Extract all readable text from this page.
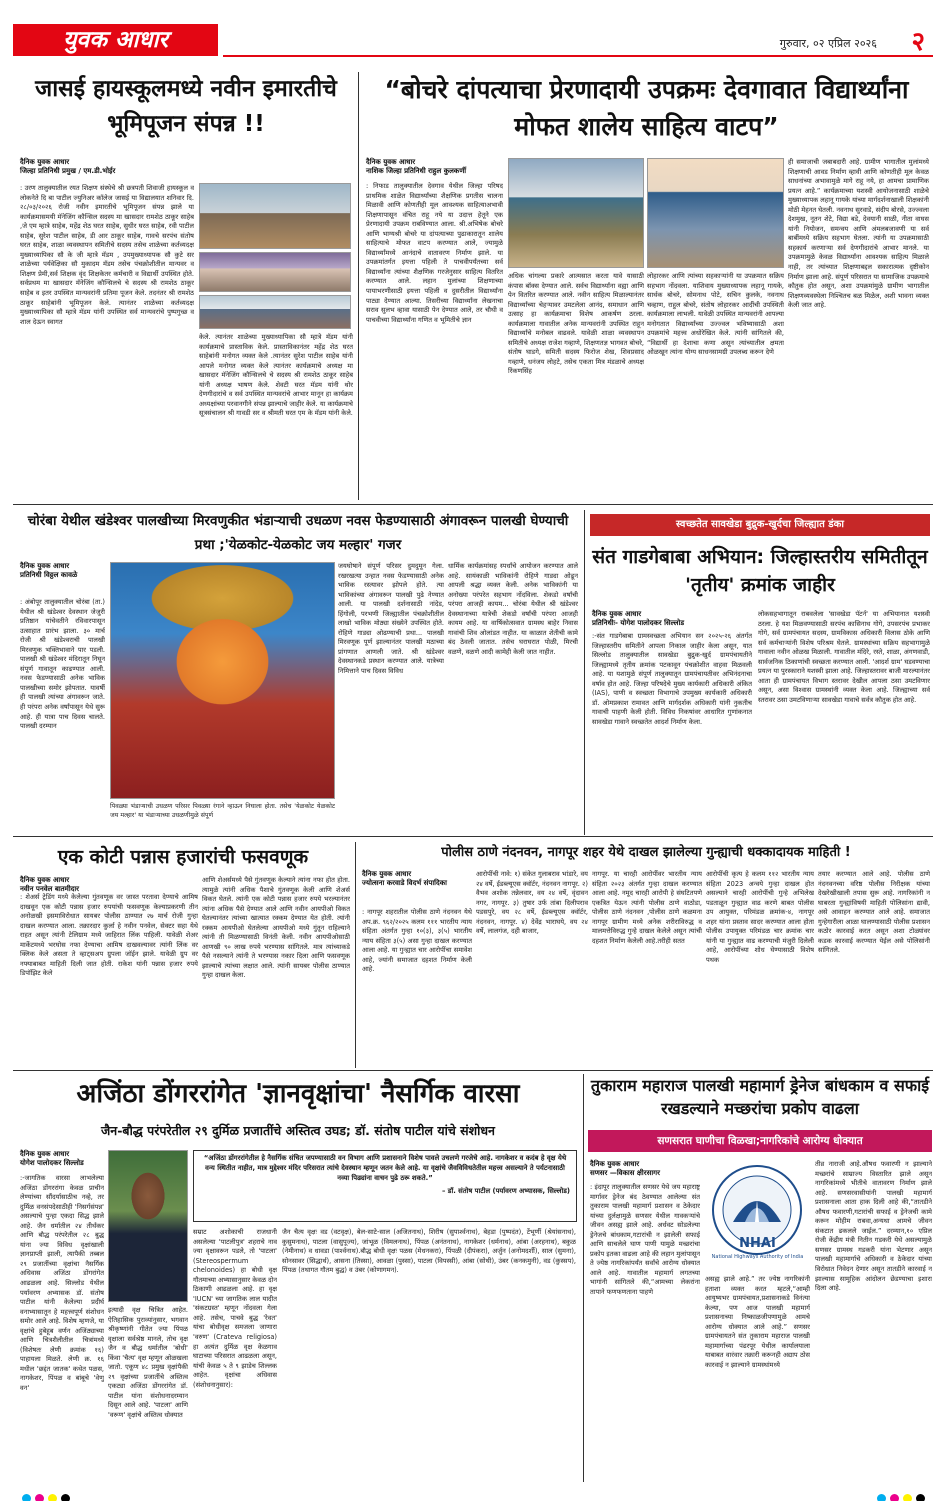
युवक आधार	गुरुवार, ०२ एप्रिल २०२६ २
जासई हायस्कूलमध्ये नवीन इमारतीचे भूमिपूजन संपन्न !!
दैनिक युवक आधार
जिल्हा प्रतिनिधी प्रमुख / एम.डी.भोईर
: उरण तालुक्यातील रयत शिक्षण संस्थेचे श्री छत्रपती शिवाजी हायस्कूल व लोकनेते दि बा पाटील ज्युनिअर कॉलेज जासई या विद्यालयात शनिवार दि. २८/०३/२०२६ रोजी नवीन इमारतीचे भूमिपूजन संपन्न झाले या कार्यक्रमासमयी मॅनेजिंग कौन्सिल सदस्य मा खासदार रामशेठ ठाकूर साहेब ,जे एम म्हात्रे साहेब, महेंद्र शेठ घरत साहेब, सुधीर घरत साहेब, रवी पाटील साहेब, सुरेश पाटील साहेब, डी आर ठाकूर साहेब, गावचे सरपंच संतोष घरत साहेब, शाळा व्यवस्थापन समितीचे सदस्य तसेच शाळेच्या कर्तव्यदक्ष मुख्याध्यापिका सौ के जी म्हात्रे मॅडम , उपमुख्याध्यापक सौ कुटे सर शाळेच्या पर्यवेक्षिका सौ मुकादम मॅडम तसेच पंचक्रोशीतील मान्यवर व शिक्षण प्रेमी,सर्व शिक्षक वृंद शिक्षकेतर कर्मचारी व विद्यार्थी उपस्थित होते. सर्वप्रथम मा खासदार मॅनेजिंग कौन्सिलचे चे सदस्य श्री रामशेठ ठाकूर साहेब व इतर उपस्थित मान्यवरांनी प्रतिमा पूजन केले. तदनंतर श्री रामशेठ ठाकूर साहेबांनी भूमिपूजन केले. त्यानंतर शाळेच्या कर्तव्यदक्ष मुख्याध्यापिका सौ म्हात्रे मॅडम यांनी उपस्थित सर्व मान्यवरांचे पुष्पगुच्छ व शाल देऊन स्वागत
केले. त्यानंतर शाळेच्या मुख्याध्यापिका सौ म्हात्रे मॅडम यांनी कार्यक्रमाचे प्रास्ताविक केले. प्रास्ताविकानंतर महेंद्र शेठ घरत साहेबांनी मनोगत व्यक्त केले .त्यानंतर सुरेश पाटील साहेब यांनी आपले मनोगत व्यक्त केले त्यानंतर कार्यक्रमाचे अध्यक्ष मा खासदार मॅनेजिंग कौन्सिलचे चे सदस्य श्री रामशेठ ठाकूर साहेब यांनी अध्यक्ष भाषण केले. शेवटी घरत मॅडम यांनी थोर देणगीदारांचे व सर्व उपस्थित मान्यवरांचे आभार मानून हा कार्यक्रम अध्यक्षांच्या परवानगीने संपन्न झाल्याचे जाहीर केले. या कार्यक्रमाचे सूत्रसंचालन श्री गावडी सर व श्रीमती घरत एम के मॅडम यांनी केले.
“बोचरे दांपत्याचा प्रेरणादायी उपक्रमः देवगावात विद्यार्थ्यांना मोफत शालेय साहित्य वाटप”
दैनिक युवक आधार
नाशिक जिल्हा प्रतिनिधी राहुल कुलकर्णी
: निफाड तालुक्यातील देवगाव येथील जिल्हा परिषद प्राथमिक शाळेत विद्यार्थ्यांच्या शैक्षणिक प्रगतीस चालना मिळावी आणि कोणतीही मूल आवश्यक साहित्याअभावी शिक्षणापासून वंचित राहू नये या उदात्त हेतूने एक प्रेरणादायी उपक्रम राबविण्यात आला. श्री.अभिषेक बोचरे आणि भाग्यश्री बोचरे या दांपत्याच्या पुढाकारातून शालेय साहित्याचे मोफत वाटप करण्यात आले, ज्यामुळे विद्यार्थ्यांमध्ये आनंदाचे वातावरण निर्माण झाले. या उपक्रमांतर्गत इयत्ता पहिली ते पाचवीपर्यंतच्या सर्व विद्यार्थ्यांना त्यांच्या शैक्षणिक गरजेनुसार साहित्य वितरित करण्यात आले. लहान मुलांच्या शिक्षणाच्या पायाभरणीसाठी इयत्ता पहिली व दुसरीतील विद्यार्थ्यांना पाट्या देण्यात आल्या. तिसरीच्या विद्यार्थ्यांना लेखनाचा सराव सुलभ व्हावा यासाठी पेन देण्यात आले, तर चौथी व पाचवीच्या विद्यार्थ्यांना गणित व भूमितीचे ज्ञान
अधिक चांगल्या प्रकारे आत्मसात करता यावे यासाठी कंपास बॉक्स देण्यात आले. सर्वच विद्यार्थ्यांना वह्या आणि पेन वितरित करण्यात आले. नवीन साहित्य मिळाल्यानंतर विद्यार्थ्यांच्या चेहऱ्यावर उमटलेला आनंद, समाधान आणि उत्साह हा कार्यक्रमाचा विशेष आकर्षण ठरला. कार्यक्रमाला गावातील अनेक मान्यवरांनी उपस्थित राहून विद्यार्थ्यांचे मनोबल वाढवले. यावेळी शाळा व्यवस्थापन समितीचे अध्यक्ष राजेश गव्हाणे, शिक्षणतज्ञ भागवत बोचरे, संतोष घाडगे, समिती सदस्य फिरोज शेख, शिवप्रसाद गव्हाणे, धनंजय लोहटे, तसेच एकता मित्र मंडळाचे अध्यक्ष रिंकणसिंह
लोहारकर आणि त्यांच्या सहकाऱ्यांनी या उपक्रमात सक्रिय सहभाग नोंदवला. याशिवाय मुख्याध्यापक लहानू गायके, सार्थक बोचरे, सोमनाथ पोटे, सचिन कुलके, नवनाथ चव्हाण, राहुल बोचरे, संतोष लोहारकर आदींची उपस्थिती कार्यक्रमाला लाभली. यावेळी उपस्थित मान्यवरांनी आपल्या मनोगतात विद्यार्थ्यांच्या उज्ज्वल भविष्यासाठी अशा उपक्रमांचे महत्त्व अधोरेखित केले. त्यांनी सांगितले की, “विद्यार्थी हा देशाचा कणा असून त्यांच्यातील क्षमता ओळखून त्यांना योग्य साधनसामग्री उपलब्ध करून देणे
ही समाजाची जबाबदारी आहे. ग्रामीण भागातील मुलांमध्ये शिक्षणाची आवड निर्माण व्हावी आणि कोणतीही मूल केवळ साधनांच्या अभावामुळे मागे राहू नये, हा आमचा प्रामाणिक प्रयत्न आहे.” कार्यक्रमाच्या यशस्वी आयोजनासाठी शाळेचे मुख्याध्यापक लहानू गायके यांच्या मार्गदर्शनाखाली शिक्षकांनी मोठी मेहनत घेतली. नवनाथ सुरवाडे, संदीप बोरसे, उज्ज्वला देशमुख, नूतन शेटे, विद्या बडे, देवयानी साळी, नीता वाघस यांनी नियोजन, समन्वय आणि अंमलबजावणी या सर्व बाबींमध्ये सक्रिय सहभाग घेतला. त्यांनी या उपक्रमासाठी सहकार्य करणाऱ्या सर्व देणगीदारांचे आभार मानले. या उपक्रमामुळे केवळ विद्यार्थ्यांना आवश्यक साहित्य मिळाले नाही, तर त्यांच्यात शिक्षणाबद्दल सकारात्मक दृष्टीकोन निर्माण झाला आहे. संपूर्ण परिसरात या सामाजिक उपक्रमाचे कौतुक होत असून, अशा उपक्रमांमुळे ग्रामीण भागातील शिक्षणव्यवस्थेला निश्चितच बळ मिळेल, अशी भावना व्यक्त केली जात आहे.
चोरंबा येथील खंडेश्वर पालखीच्या मिरवणुकीत भंडाऱ्याची उधळण नवस फेडण्यासाठी अंगावरून पालखी घेण्याची प्रथा ;'येळकोट-येळकोट जय मल्हार' गजर
दैनिक युवक आधार
प्रतिनिधी विठ्ठल कावळे
: अंबोपूर तालुक्यातील चोरंबा (ता.) येथील श्री खंडेश्वर देवस्थान जेजुरी प्रतिष्ठान यांचेवतीने रविवारपासून उत्साहात प्रारंभ झाला. ३० मार्च रोजी श्री खंडेश्वराची पालखी मिरवणुक भक्तिभावाने पार पडली. पालखी श्री खंडेश्वर मंदिरातून निघून संपूर्ण गावातून काढण्यात आली. नवस फेडण्यासाठी अनेक भाविक पालखीच्या समोर झोपतात. यावर्षी ही पालखी त्यांच्या अंगावरून जाते. ही परंपरा अनेक वर्षांपासून येथे सुरू आहे. ही यात्रा पाच दिवस चालते. पालखी दरम्यान
पिवळ्या भंडाऱ्याची उधळण परिसर पिवळ्या रंगाने न्हाऊन निघाला होता. तसेच 'येळकोट येळकोट जय मल्हार' या भंडाऱ्याच्या उधळणीमुळे संपूर्ण
जयघोषाने संपूर्ण परिसर दुमदुमून गेला. रखरखत्या उन्हात नवस फेडण्यासाठी अनेक भाविक रस्त्यावर झोपले होते. त्या भाविकांच्या अंगावरून पालखी पुढे नेण्यात आली. या पालखी दर्शनासाठी नांदेड, हिंगोली, परभणी जिल्ह्यातील पंचक्रोशीतील लाखो भाविक मोठ्या संख्येने उपस्थित होते. रोहिणे गाड्या ओढण्याची प्रथा... पालखी मिरवणूक पूर्ण झाल्यानंतर पालखी मठाच्या प्रांगणात आणली जाते. श्री खंडेश्वर देवस्थानकडे प्रस्थान करण्यात आले. यात्रेच्या निमित्ताने पाच दिवस विविध
धार्मिक कार्यक्रमांसह स्पर्धांचे आयोजन करण्यात आले आहे. सायंकाळी भाविकांनी रोहिणे गाड्या ओढून आपली श्रद्धा व्यक्त केली. अनेक भाविकांनी या अनोख्या परंपरेत सहभाग नोंदविला. शेकडो वर्षांची परंपरा आजही कायम... चोरंबा येथील श्री खंडेश्वर देवस्थानाच्या यात्रेची शेकडो वर्षांची परंपरा आजही कायम आहे. या वार्षिकोत्सवात ग्रामस्थ बाहेर निवास गावांची शिव ओलांडत नाहीत. या काळात शेतीची कामे बंद ठेवली जातात. तसेच घराघरात पोळी, मिरची वळणे, वळणे आदी कामेही केली जात नाहीत.
स्वच्छतेत सावखेडा बुद्रुक-खुर्दचा जिल्ह्यात डंका
संत गाडगेबाबा अभियान: जिल्हास्तरीय समितीतून 'तृतीय' क्रमांक जाहीर
दैनिक युवक आधार
प्रतिनिधीः- योगेश पालोदकर सिल्लोड
:-संत गाडगेबाबा ग्रामस्वच्छता अभियान सन २०२५-२६ अंतर्गत जिल्हास्तरीय समितीने आपला निकाल जाहीर केला असून, यात सिल्लोड तालुक्यातील सावखेडा बुद्रुक-खुर्द ग्रामपंचायतीने जिल्ह्यामध्ये तृतीय क्रमांक पटकावून पंचक्रोशीत वाहवा मिळवली आहे. या यशामुळे संपूर्ण तालुक्यातून ग्रामपंचायतीवर अभिनंदनाचा वर्षाव होत आहे. जिल्हा परिषदेचे मुख्य कार्यकारी अधिकारी अंकित (IAS), पाणी व स्वच्छता विभागाचे उपमुख्य कार्यकारी अधिकारी डॉ. ओमप्रकाश रामावत आणि मार्गदर्शक अधिकारी यांनी नुकतीच गावाची पाहणी केली होती. विविध निकषांवर आधारित गुणांकनात सावखेडा गावाने स्वच्छतेत आदर्श निर्माण केला.
लोकसहभागातून राबवलेला 'सावखेडा पॅटर्न' या अभियानात यशस्वी ठरला. हे यश मिळवण्यासाठी सरपंच कासिनाथ गोगे, उपसरपंच प्रभाकर गोगे, सर्व ग्रामपंचायत सदस्य, ग्रामविकास अधिकारी विलास ठोके आणि सर्व कर्मचाऱ्यांनी विशेष परिश्रम घेतले. ग्रामस्थांच्या सक्रिय सहभागामुळे गावाला नवीन ओळख मिळाली. गावातील मंदिरे, रस्ते, शाळा, अंगणवाडी, सार्वजनिक ठिकाणांची स्वच्छता करण्यात आली. 'आदर्श ग्राम' घडवण्याचा प्रयत्न या पुरस्काराने यशस्वी झाला आहे. जिल्हास्तरावर बाजी मारल्यानंतर आता ही ग्रामपंचायत विभाग स्तरावर देखील आपला ठसा उमटविणार असून, असा विश्वास ग्रामस्थांनी व्यक्त केला आहे. जिल्ह्याच्या सर्व स्तरावर ठसा उमटविणाऱ्या सावखेडा गावाचे सर्वत्र कौतुक होत आहे.
एक कोटी पन्नास हजारांची फसवणूक
दैनिक युवक आधार
नवीन पनवेल बातमीदार
: शेअर्स ट्रेडिंग मध्ये केलेल्या गुंतवणूक वर जास्त परतावा देण्याचे आमिष दाखवून एक कोटी पन्नास हजार रुपयांची फसवणूक केल्याप्रकरणी तीन अनोळखी इसमाविरोधात सायबर पोलीस ठाण्यात २७ मार्च रोजी गुन्हा दाखल करण्यात आला. तक्रारदार कुर्ला हे नवीन पनवेल, सेक्टर सहा येथे राहत असून त्यांनी टेलिग्राम मध्ये जाहिरात लिंक पाहिली. यावेळी शेअर मार्केटमध्ये भरघोस नफा देण्याचा आमिष दाखवल्यावर त्यांनी लिंक वर क्लिक केले असता ते व्हाट्सअप ग्रुपला जॉईन झाले. यावेळी ग्रुप वर नफ्याबाबत माहिती दिली जात होती. राकेश यांनी पन्नास हजार रुपये डिपॉझिट केले
आणि शेअर्समध्ये पैसे गुंतवणूक केल्याने त्यांना नफा होत होता. त्यामुळे त्यांनी अधिक पैशाचे गुंतवणूक केली आणि शेअर्स विकत घेतले. त्यांनी एक कोटी पन्नास हजार रुपये भरल्यानंतर त्यांना अधिक पैसे देण्यात आले आणि नवीन आयपीओ विकत घेतल्यानंतर त्यांच्या खात्यात रक्कम देण्यात येत होती. त्यांनी रक्कम आयपीओ घेतलेल्या आयपीओ मध्ये गुंतून राहिल्याने त्यांनी ती मिळण्यासाठी विनंती केली. नवीन आयपीओसाठी आणखी ९० लाख रुपये भरण्यास सांगितले. मात्र त्यांच्याकडे पैसे नसल्याने त्यांनी ते भरण्यास नकार दिला आणि फसवणूक झाल्याचे त्यांच्या लक्षात आले. त्यांनी सायबर पोलीस ठाण्यात गुन्हा दाखल केला.
पोलीस ठाणे नंदनवन, नागपूर शहर येथे दाखल झालेल्या गुन्ह्याची धक्कादायक माहिती !
दैनिक युवक आधार
ज्योत्सना करवाडे विदर्भ संपादिका
: नागपूर शहरातील पोलीस ठाणे नंदनवन येथे अप.क्र. ९६२/२०२५ कलम १११ भारतीय न्याय संहिता अंतर्गत गुन्हा १०(३), ३(५) भारतीय न्याय संहिता ३(५) असा गुन्हा दाखल करण्यात आला आहे. या गुन्ह्यात चार आरोपींचा समावेश आहे, ज्यांनी समाजात दहशत निर्माण केली आहे.
आरोपींची नावे: १) संकेत गुलाबराव भांडारे, वय २४ वर्षे, ईडब्ल्यूएस क्वॉर्टर, नंदनवन नागपूर. २) वैभव अशोक तन्नेलवार, वय २४ वर्षे, वृंदावन नगर, नागपूर. ३) तुषार उर्फ तांबा दिलीपराव पडसपुरे, वय २८ वर्षे, ईडब्ल्यूएस क्वॉर्टर, नंदनवन, नागपूर. ४) देवेंद्र भाराघये, वय २४ वर्षे, लालगंज, दही बाजार,
नागपूर. या चारही आरोपींवर भारतीय न्याय संहिता २०२३ अंतर्गत गुन्हा दाखल करण्यात आला आहे. नमूद चारही आरोपी हे संघटितपणे एकत्रित येऊन त्यांनी पोलीस ठाणे वाठोडा, पोलीस ठाणे नंदनवन ,पोलीस ठाणे कळमना नागपूर ग्रामीण मध्ये अनेक शरीराविरुद्ध व मालमत्तेविरुद्ध गुन्हे दाखल केलेले असून त्यांची दहशत निर्माण केलेली आहे.तरीही सतत
आरोपींची कृत्य हे कलम ११२ भारतीय न्याय संहिता 2023 अन्वये गुन्हा दाखल होत असल्याने चारही आरोपींची गुन्हे अभिलेख पडताळून गुन्ह्यात वाढ करणे बाबत पोलीस उप आयुक्त, परिमंडळ क्रमांक-४, नागपूर शहर यांना प्रस्ताव सादर करण्यात आला होता पोलीस उपायुक्त परिमंडळ चार क्रमांक चार यांनी या गुन्ह्यात वाढ करण्याची मंजुरी दिलेली आहे, आरोपींच्या शोध घेण्यासाठी विशेष पथक
तयार करण्यात आले आहे. पोलीस ठाणे नंदनवनच्या वरिष्ठ पोलीस निरीक्षक यांच्या देखरेखीखाली तपास सुरू आहे. नागरिकांनी न घाबरता गुन्ह्यांविषयी माहिती पोलिसांना द्यावी, असे आवाहन करण्यात आले आहे. समाजात गुन्हेगारीला आळा घालण्यासाठी पोलीस प्रशासन कठोर कारवाई करत असून अशा टोळ्यांवर कडक कारवाई करण्यात येईल असे पोलिसांनी सांगितले.
अजिंठा डोंगररांगेत 'ज्ञानवृक्षांचा' नैसर्गिक वारसा
जैन-बौद्ध परंपरेतील २९ दुर्मिळ प्रजातींचे अस्तित्व उघड; डॉ. संतोष पाटील यांचे संशोधन
दैनिक युवक आधार
योगेश पालोदकर सिल्लोड
:-जागतिक वारसा लाभलेल्या अजिंठा डोंगररांगा केवळ प्राचीन लेण्यांच्या सौंदर्यासाठीच नव्हे, तर दुर्मिळ वनसंपदेसाठीही 'निसर्गसंपन्न' असल्याचे पुन्हा एकदा सिद्ध झाले आहे. जैन धर्मातील २४ तीर्थंकर आणि बौद्ध परंपरेतील २८ बुद्ध यांना ज्या विविध वृक्षांखाली ज्ञानप्राप्ती झाली, त्यापैकी तब्बल २९ प्रजातींच्या वृक्षांचा नैसर्गिक अधिवास अजिंठा डोंगरांगेत आढळला आहे. सिल्लोड येथील पर्यावरण अभ्यासक डॉ. संतोष पाटील यांनी केलेल्या प्रदीर्घ वनाभ्यासातून हे महत्त्वपूर्ण संशोधन समोर आले आहे. विशेष म्हणजे, या वृक्षांचे हुबेहूब वर्णन अजिंठ्याच्या आणि चित्रशैलीतील चित्रांमध्ये (विशेषतः लेणी क्रमांक १६) पाहायला मिळते. लेणी क्र. १६ मधील 'छद्दंत जातक' कथेत पळस, नागकेशर, पिंपळ व बांबूचे 'वेणु वन'
इत्यादी वृक्ष चित्रित आहेत. ऐतिहासिक पुराव्यांनुसार, भगवान श्रीकृष्णांनी गीतेत ज्या पिंपळ वृक्षाला सर्वश्रेष्ठ मानले, तोच वृक्ष जैन व बौद्ध धर्मातील 'बोधी' किंवा 'चैत्य' वृक्ष म्हणून ओळखला जातो. एकूण ४८ प्रमुख वृक्षांपैकी २९ वृक्षांच्या प्रजातींचे अस्तित्व एकट्या अजिंठा डोंगररांगेत डॉ. पाटील यांना संशोधनादरम्यान दिसून आले आहे. 'पाटला' आणि 'वरूण' वृक्षांचे अस्तित्व धोक्यात
“अजिंठा डोंगररांगेतील हे नैसर्गिक संचित जपण्यासाठी वन विभाग आणि प्रशासनाने विशेष पावले उचलणे गरजेचे आहे. नागकेशर व कदंब हे वृक्ष येथे वन्य स्थितीत नाहीत, मात्र मुद्देश्वर मंदिर परिसरात त्यांचे देवस्थान म्हणून जतन केले आहे. या वृक्षांचे जैवविविधतेतील महत्त्व असल्याने ते पर्यटनासाठी नव्या पिढ्यांना वाचन पुढे ठरू शकते.”
– डॉ. संतोष पाटील (पर्यावरण अभ्यासक, सिल्लोड)
सम्राट अशोकाची राजधानी असलेल्या 'पाटलीपुत्र' शहराचे नाव ज्या वृक्षावरून पडले, तो 'पाटला' (Stereospermum chelonoides) हा बोधी वृक्ष गौतमाच्या अभ्यासानुसार केवळ दोन ठिकाणी आढळला आहे. हा वृक्ष 'IUCN' च्या जागतिक लाल यादीत 'संकटग्रस्त' म्हणून नोंदवला गेला आहे. तसेच, पाचवे बुद्ध 'रेवत' यांचा बोधीवृक्ष समजला जाणारा 'वरुण' (Crateva religiosa) हा अत्यंत दुर्मिळ वृक्ष केळगाव घाटाच्या परिसरात आढळला असून, यांची केवळ ५ ते ९ झाडेच शिल्लक आहेत. वृक्षांचा अधिवास (संशोधनानुसार):
जैन चैत्य वृक्षः वड (वटवृक्ष), बेल-साटे-साल (अजितनाथ), शिरीष (सुपार्श्वनाथ), बेहडा (पुष्पदंत), टेंभूर्णी (श्रेयांसनाथ), कुसुमनाथ), पाटला (वासुपूज्य), जांभूळ (विमलनाथ), पिंपळ (अनंतनाथ), नागकेशर (धर्मनाथ), आंबा (अरहनाथ), बकुळ (नेमीनाथ) व धावडा (पार्श्वनाथ).बौद्ध बोधी वृक्षः पळस (मेधनकरा), पिंपळी (दीपंकरा), अर्जुन (अनोमदर्शी), साल (सुमना), सोनसावर (सिद्धार्थ), आसना (तिस्सा), आवळा (पुस्सा), पाटला (विपस्सी), आंबा (सोथी), उंबर (कनकमुनी), वड (कुस्सप), पिंपळ (तथागत गौतम बुद्ध) व उंबर (कोणागमन).
तुकाराम महाराज पालखी महामार्ग ड्रेनेज बांधकाम व सफाई रखडल्याने मच्छरांचा प्रकोप वाढला
सणसरात घाणीचा विळखा;नागरिकांचे आरोग्य धोक्यात
दैनिक युवक आधार
सणसर —विकास क्षीरसागर
: इंदापूर तालुक्यातील सणसर येथे जय महाराष्ट्र मार्गावर ड्रेनेज बंद ठेवण्यात आलेल्या संत तुकाराम पालखी महामार्ग प्रशासन व ठेकेदार यांच्या दुर्लक्षामुळे सणसर येथील गावकऱ्यांचे जीवन असह्य झाले आहे. अर्धवट सोडलेल्या ड्रेनेजचे बांधकाम,गटारांची न झालेली सफाई आणि साचलेले घाण पाणी यामुळे मच्छरांचा प्रकोप इतका वाढला आहे की लहान मुलांपासून ते ज्येष्ठ नागरिकांपर्यंत सर्वांचे आरोग्य धोक्यात आले आहे. गावातील महामार्ग लगतच्या भागांनी सांगितले की,“आमच्या लेकरांना तापाने फणफणताना पाहणे
NHAI
National Highways Authority of India
असह्य झाले आहे.” तर ज्येष्ठ नागरिकांनी हताशा व्यक्त करत म्हटले,“आम्ही आयुष्यभर ग्रामपंचायत,प्रशासनाकडे विनंत्या केल्या, पण आज पालखी महामार्ग प्रशासनाच्या निष्काळजीपणामुळे आमचे आरोग्य धोक्यात आले आहे.” सणसर ग्रामपंचायतने संत तुकाराम महाराज पालखी महामार्गाच्या पंढरपूर येथील कार्यालयाला याबाबत वारंवार तक्रारी करूनही अद्याप ठोस कारवाई न झाल्याने ग्रामस्थांमध्ये
तीव्र नाराजी आहे.औषध फवारणी न झाल्याने मच्छरांचे साम्राज्य विस्तारित झाले असून नागरिकांमध्ये भीतीचे वातावरण निर्माण झाले आहे. सणसरवासीयांनी पालखी महामार्ग प्रशासनाला आता हाक दिली आहे की,“तातडीने औषध फवारणी,गटारांची सफाई व ड्रेनेजची कामे करून मोहीम राबवा,अन्यथा आमचे जीवन संकटात ढकलले जाईल.” दरम्यान,१० एप्रिल रोजी केंद्रीय मंत्री नितीन गडकरी येथे असल्यामुळे सणसर ग्रामस्थ गडकरी यांना भेटणार असून पालखी महामार्गाचे अधिकारी व ठेकेदार यांच्या विरोधात निवेदन देणार असून तातडीने कारवाई न झाल्यास सामूहिक आंदोलन छेडण्याचा इशारा दिला आहे.
